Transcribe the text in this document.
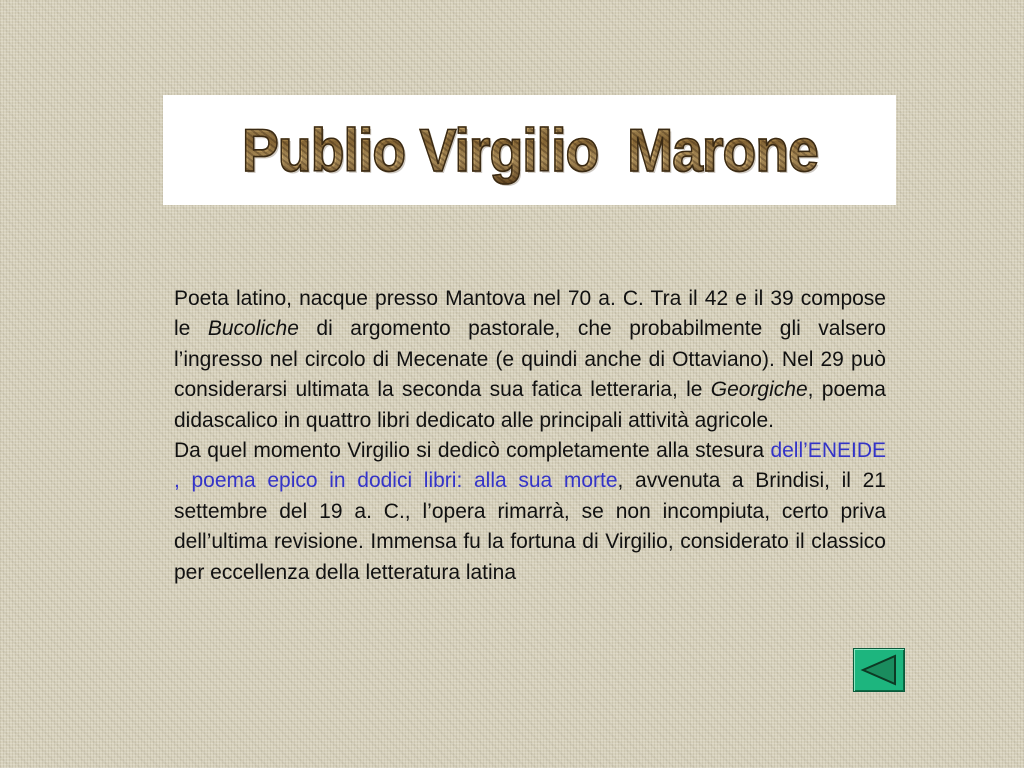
Publio Virgilio  Marone

Poeta latino, nacque presso Mantova nel 70 a. C. Tra il 42 e il 39 compose le Bucoliche di argomento pastorale, che probabilmente gli valsero l’ingresso nel circolo di Mecenate (e quindi anche di Ottaviano). Nel 29 può considerarsi ultimata la seconda sua fatica letteraria, le Georgiche, poema didascalico in quattro libri dedicato alle principali attività agricole.

Da quel momento Virgilio si dedicò completamente alla stesura dell’ENEIDE , poema epico in dodici libri: alla sua morte, avvenuta a Brindisi, il 21 settembre del 19 a. C., l’opera rimarrà, se non incompiuta, certo priva dell’ultima revisione. Immensa fu la fortuna di Virgilio, considerato il classico per eccellenza della letteratura latina
